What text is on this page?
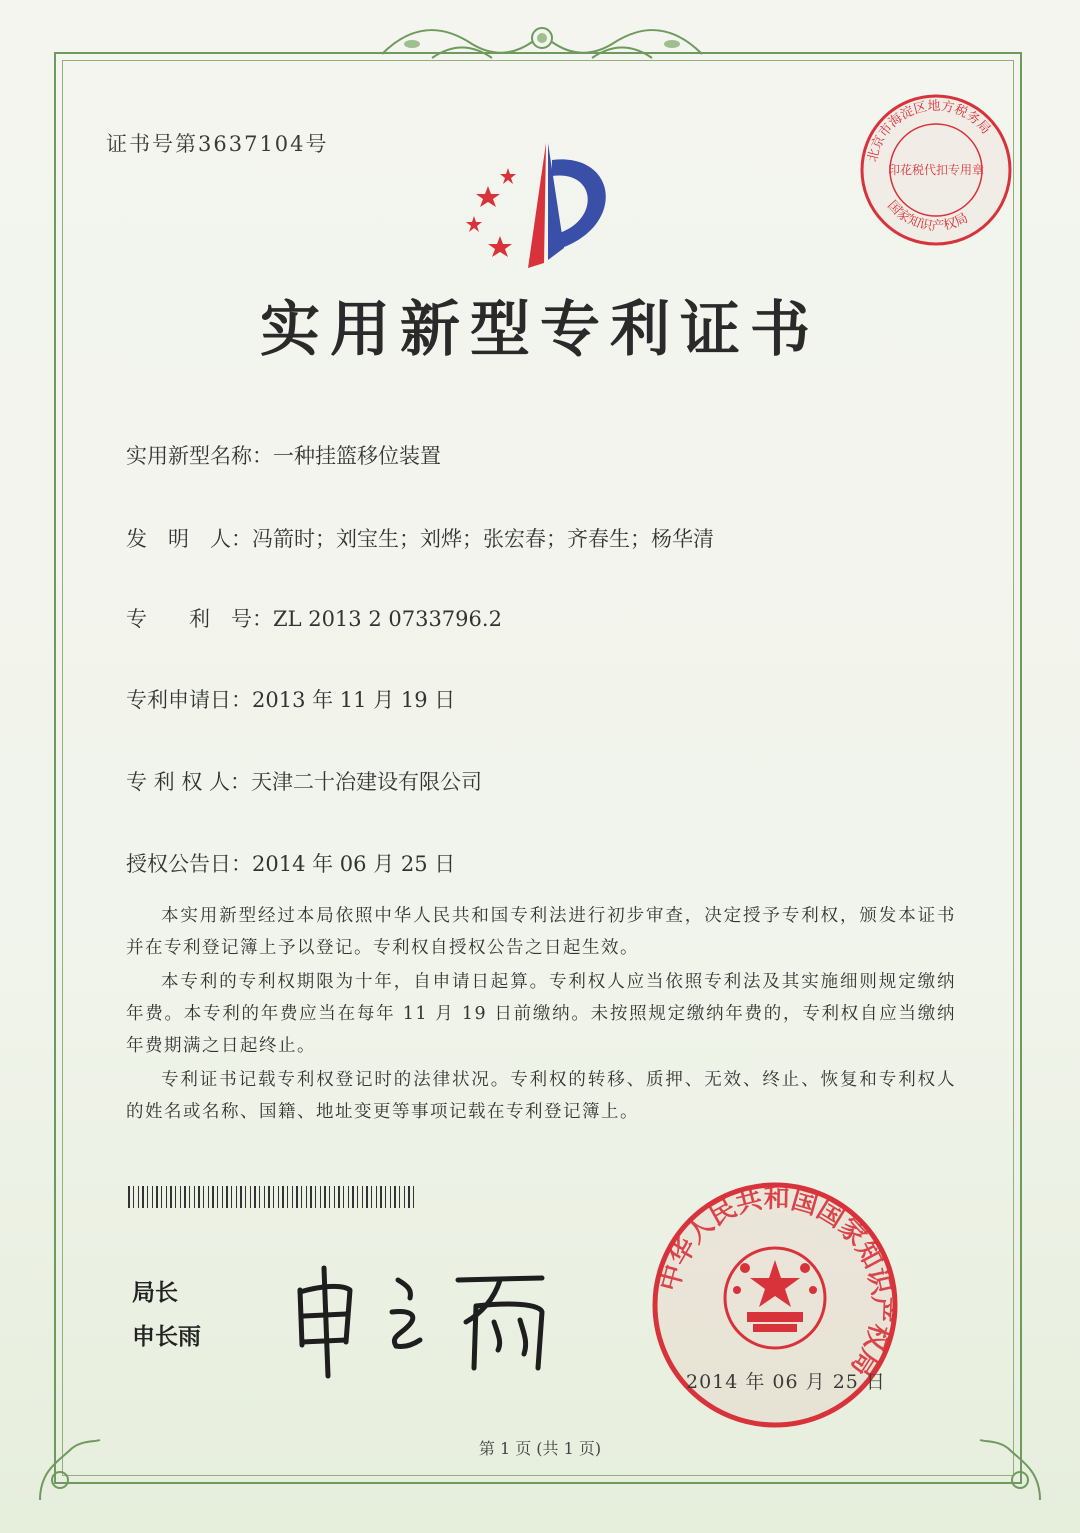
证书号第3637104号
实用新型专利证书
实用新型名称：一种挂篮移位装置
发　明　人：冯箭时；刘宝生；刘烨；张宏春；齐春生；杨华清
专　　利　号：ZL 2013 2 0733796.2
专利申请日：2013 年 11 月 19 日
专 利 权 人：天津二十冶建设有限公司
授权公告日：2014 年 06 月 25 日
本实用新型经过本局依照中华人民共和国专利法进行初步审查，决定授予专利权，颁发本证书并在专利登记簿上予以登记。专利权自授权公告之日起生效。
本专利的专利权期限为十年，自申请日起算。专利权人应当依照专利法及其实施细则规定缴纳年费。本专利的年费应当在每年 11 月 19 日前缴纳。未按照规定缴纳年费的，专利权自应当缴纳年费期满之日起终止。
专利证书记载专利权登记时的法律状况。专利权的转移、质押、无效、终止、恢复和专利权人的姓名或名称、国籍、地址变更等事项记载在专利登记簿上。
局长
申长雨
中华人民共和国国家知识产权局
2014 年 06 月 25 日
北京市海淀区地方税务局
国家知识产权局
印花税代扣专用章
第 1 页 (共 1 页)
